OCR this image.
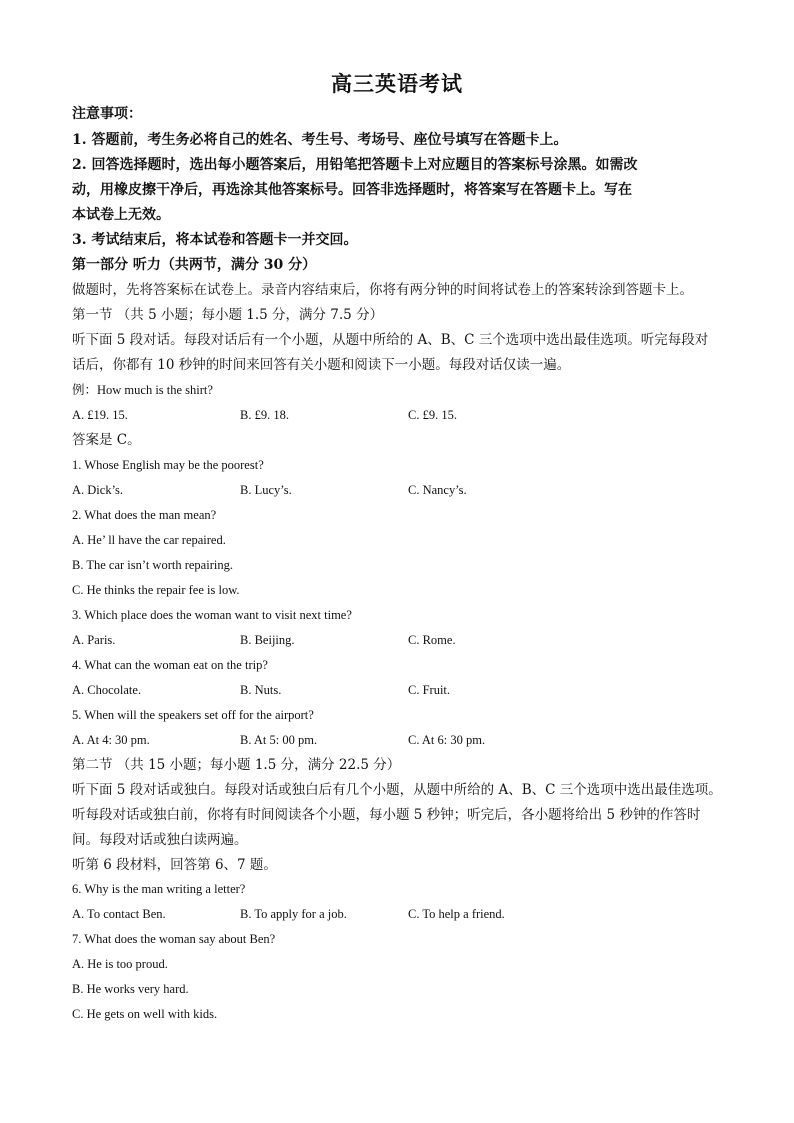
高三英语考试
注意事项：
1. 答题前，考生务必将自己的姓名、考生号、考场号、座位号填写在答题卡上。
2. 回答选择题时，选出每小题答案后，用铅笔把答题卡上对应题目的答案标号涂黑。如需改
动，用橡皮擦干净后，再选涂其他答案标号。回答非选择题时，将答案写在答题卡上。写在
本试卷上无效。
3. 考试结束后，将本试卷和答题卡一并交回。
第一部分 听力（共两节，满分 30 分）
做题时，先将答案标在试卷上。录音内容结束后，你将有两分钟的时间将试卷上的答案转涂到答题卡上。
第一节 （共 5 小题；每小题 1.5 分，满分 7.5 分）
听下面 5 段对话。每段对话后有一个小题，从题中所给的 A、B、C 三个选项中选出最佳选项。听完每段对
话后，你都有 10 秒钟的时间来回答有关小题和阅读下一小题。每段对话仅读一遍。
例：How much is the shirt?
A. £19. 15.	B. £9. 18.	C. £9. 15.
答案是 C。
1. Whose English may be the poorest?
A. Dick’s.	B. Lucy’s.	C. Nancy’s.
2. What does the man mean?
A. He’ ll have the car repaired.
B. The car isn’t worth repairing.
C. He thinks the repair fee is low.
3. Which place does the woman want to visit next time?
A. Paris.	B. Beijing.	C. Rome.
4. What can the woman eat on the trip?
A. Chocolate.	B. Nuts.	C. Fruit.
5. When will the speakers set off for the airport?
A. At 4: 30 pm.	B. At 5: 00 pm.	C. At 6: 30 pm.
第二节 （共 15 小题；每小题 1.5 分，满分 22.5 分）
听下面 5 段对话或独白。每段对话或独白后有几个小题，从题中所给的 A、B、C 三个选项中选出最佳选项。
听每段对话或独白前，你将有时间阅读各个小题，每小题 5 秒钟；听完后，各小题将给出 5 秒钟的作答时
间。每段对话或独白读两遍。
听第 6 段材料，回答第 6、7 题。
6. Why is the man writing a letter?
A. To contact Ben.	B. To apply for a job.	C. To help a friend.
7. What does the woman say about Ben?
A. He is too proud.
B. He works very hard.
C. He gets on well with kids.
